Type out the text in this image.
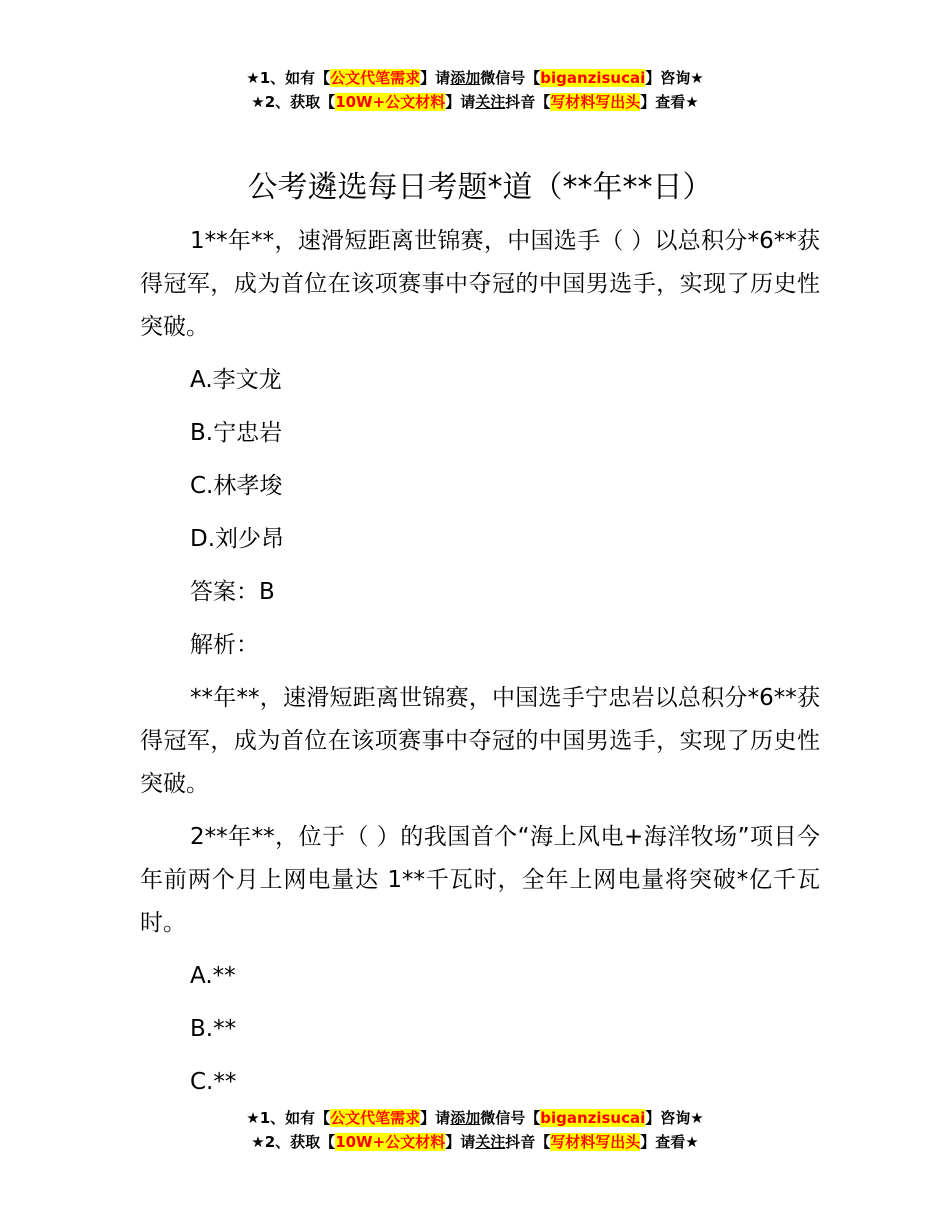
★1、如有【公文代笔需求】请添加微信号【biganzisucai】咨询★
★2、获取【10W+公文材料】请关注抖音【写材料写出头】查看★
公考遴选每日考题*道（**年**日）
1**年**，速滑短距离世锦赛，中国选手（ ）以总积分*6**获得冠军，成为首位在该项赛事中夺冠的中国男选手，实现了历史性突破。
A.李文龙
B.宁忠岩
C.林孝埈
D.刘少昂
答案：B
解析：
**年**，速滑短距离世锦赛，中国选手宁忠岩以总积分*6**获得冠军，成为首位在该项赛事中夺冠的中国男选手，实现了历史性突破。
2**年**，位于（ ）的我国首个“海上风电+海洋牧场”项目今年前两个月上网电量达 1**千瓦时，全年上网电量将突破*亿千瓦时。
A.**
B.**
C.**
★1、如有【公文代笔需求】请添加微信号【biganzisucai】咨询★
★2、获取【10W+公文材料】请关注抖音【写材料写出头】查看★
